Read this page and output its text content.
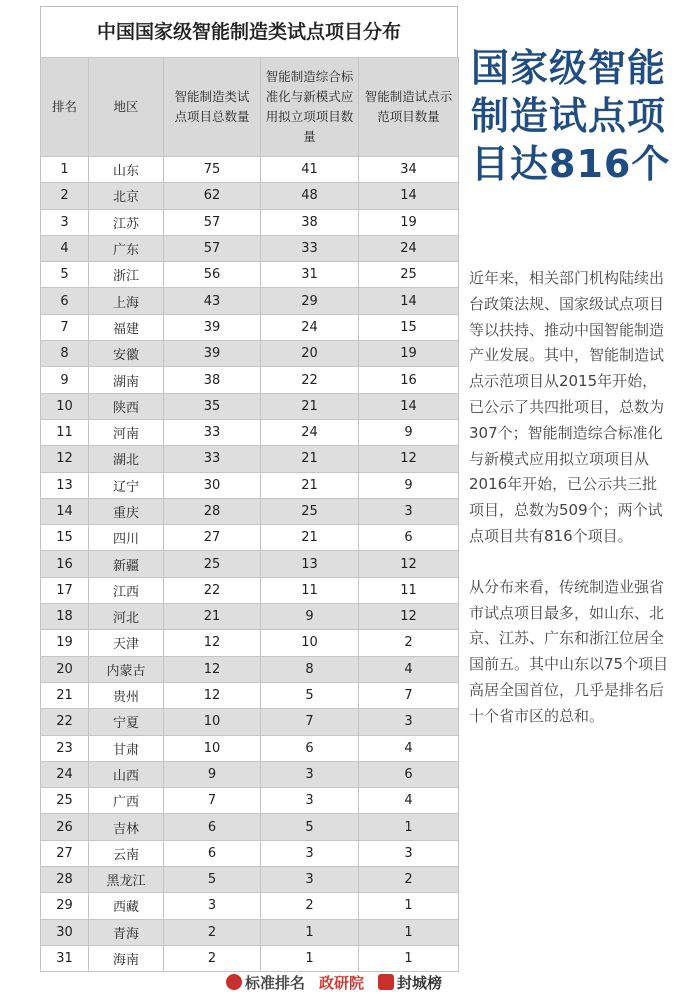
中国国家级智能制造类试点项目分布
排名	地区	智能制造类试点项目总数量	智能制造综合标准化与新模式应用拟立项项目数量	智能制造试点示范项目数量

1	山东	75	41	34
2	北京	62	48	14
3	江苏	57	38	19
4	广东	57	33	24
5	浙江	56	31	25
6	上海	43	29	14
7	福建	39	24	15
8	安徽	39	20	19
9	湖南	38	22	16
10	陕西	35	21	14
11	河南	33	24	9
12	湖北	33	21	12
13	辽宁	30	21	9
14	重庆	28	25	3
15	四川	27	21	6
16	新疆	25	13	12
17	江西	22	11	11
18	河北	21	9	12
19	天津	12	10	2
20	内蒙古	12	8	4
21	贵州	12	5	7
22	宁夏	10	7	3
23	甘肃	10	6	4
24	山西	9	3	6
25	广西	7	3	4
26	吉林	6	5	1
27	云南	6	3	3
28	黑龙江	5	3	2
29	西藏	3	2	1
30	青海	2	1	1
31	海南	2	1	1
国家级智能制造试点项目达816个

近年来，相关部门机构陆续出台政策法规、国家级试点项目等以扶持、推动中国智能制造产业发展。其中，智能制造试点示范项目从2015年开始，已公示了共四批项目，总数为307个；智能制造综合标准化与新模式应用拟立项项目从2016年开始，已公示共三批项目，总数为509个；两个试点项目共有816个项目。

从分布来看，传统制造业强省市试点项目最多，如山东、北京、江苏、广东和浙江位居全国前五。其中山东以75个项目高居全国首位，几乎是排名后十个省市区的总和。

标准排名 政研院 封城榜
